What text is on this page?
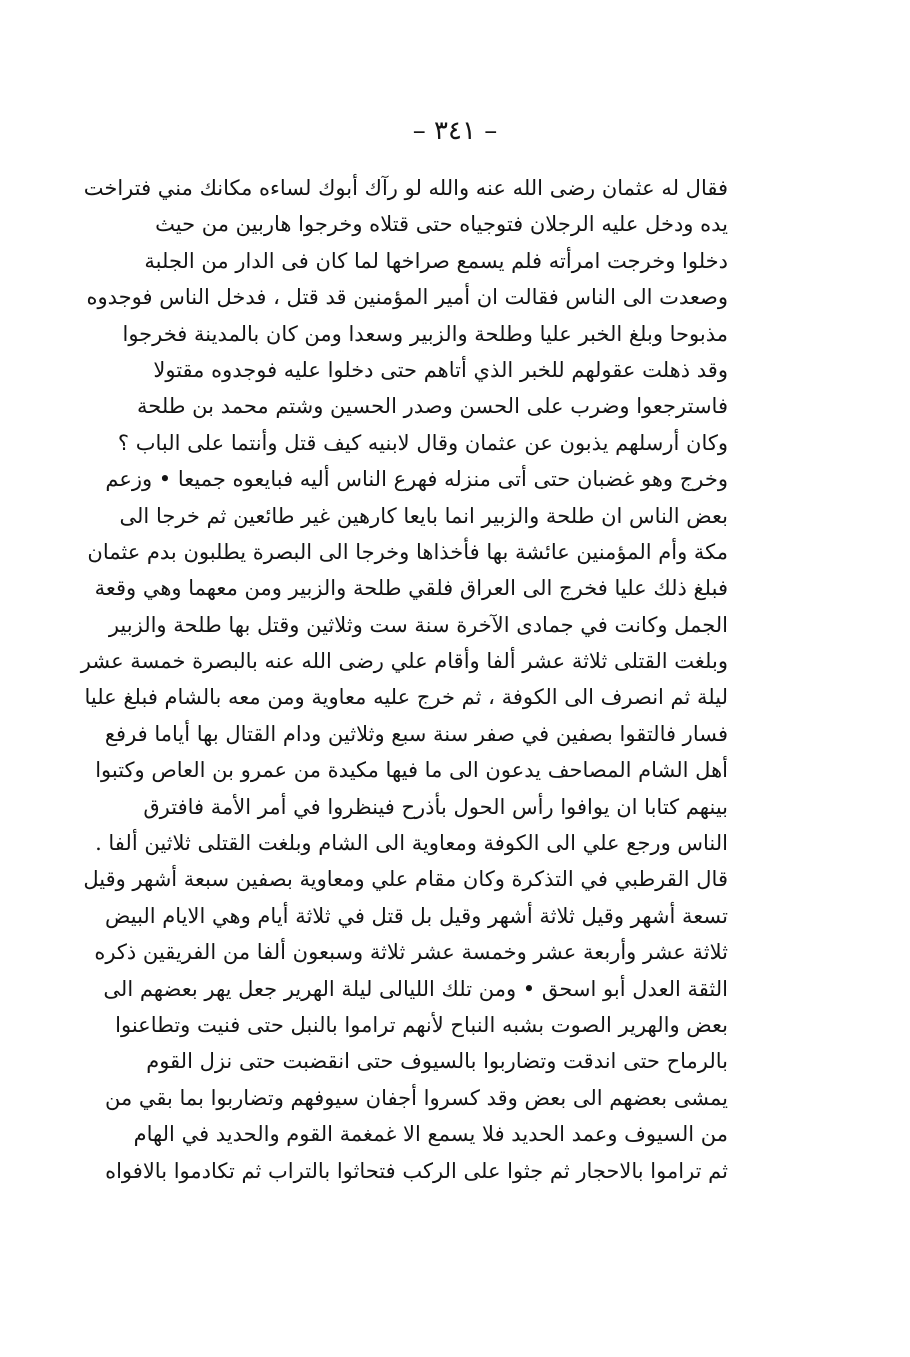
– ٣٤١ –
فقال له عثمان رضى الله عنه والله لو رآك أبوك لساءه مكانك مني فتراخت
يده ودخل عليه الرجلان فتوجياه حتى قتلاه وخرجوا هاربين من حيث
دخلوا وخرجت امرأته فلم يسمع صراخها لما كان فى الدار من الجلبة
وصعدت الى الناس فقالت ان أمير المؤمنين قد قتل ، فدخل الناس فوجدوه
مذبوحا وبلغ الخبر عليا وطلحة والزبير وسعدا ومن كان بالمدينة فخرجوا
وقد ذهلت عقولهم للخبر الذي أتاهم حتى دخلوا عليه فوجدوه مقتولا
فاسترجعوا وضرب على الحسن وصدر الحسين وشتم محمد بن طلحة
وكان أرسلهم يذبون عن عثمان وقال لابنيه كيف قتل وأنتما على الباب ؟
وخرج وهو غضبان حتى أتى منزله فهرع الناس أليه فبايعوه جميعا • وزعم
بعض الناس ان طلحة والزبير انما بايعا كارهين غير طائعين ثم خرجا الى
مكة وأم المؤمنين عائشة بها فأخذاها وخرجا الى البصرة يطلبون بدم عثمان
فبلغ ذلك عليا فخرج الى العراق فلقي طلحة والزبير ومن معهما وهي وقعة
الجمل وكانت في جمادى الآخرة سنة ست وثلاثين وقتل بها طلحة والزبير
وبلغت القتلى ثلاثة عشر ألفا وأقام علي رضى الله عنه بالبصرة خمسة عشر
ليلة ثم انصرف الى الكوفة ، ثم خرج عليه معاوية ومن معه بالشام فبلغ عليا
فسار فالتقوا بصفين في صفر سنة سبع وثلاثين ودام القتال بها أياما فرفع
أهل الشام المصاحف يدعون الى ما فيها مكيدة من عمرو بن العاص وكتبوا
بينهم كتابا ان يوافوا رأس الحول بأذرح فينظروا في أمر الأمة فافترق
الناس ورجع علي الى الكوفة ومعاوية الى الشام وبلغت القتلى ثلاثين ألفا .
قال القرطبي في التذكرة وكان مقام علي ومعاوية بصفين سبعة أشهر وقيل
تسعة أشهر وقيل ثلاثة أشهر وقيل بل قتل في ثلاثة أيام وهي الايام البيض
ثلاثة عشر وأربعة عشر وخمسة عشر ثلاثة وسبعون ألفا من الفريقين ذكره
الثقة العدل أبو اسحق • ومن تلك الليالى ليلة الهرير جعل يهر بعضهم الى
بعض والهرير الصوت بشبه النباح لأنهم تراموا بالنبل حتى فنيت وتطاعنوا
بالرماح حتى اندقت وتضاربوا بالسيوف حتى انقضبت حتى نزل القوم
يمشى بعضهم الى بعض وقد كسروا أجفان سيوفهم وتضاربوا بما بقي من
من السيوف وعمد الحديد فلا يسمع الا غمغمة القوم والحديد في الهام
ثم تراموا بالاحجار ثم جثوا على الركب فتحاثوا بالتراب ثم تكادموا بالافواه
